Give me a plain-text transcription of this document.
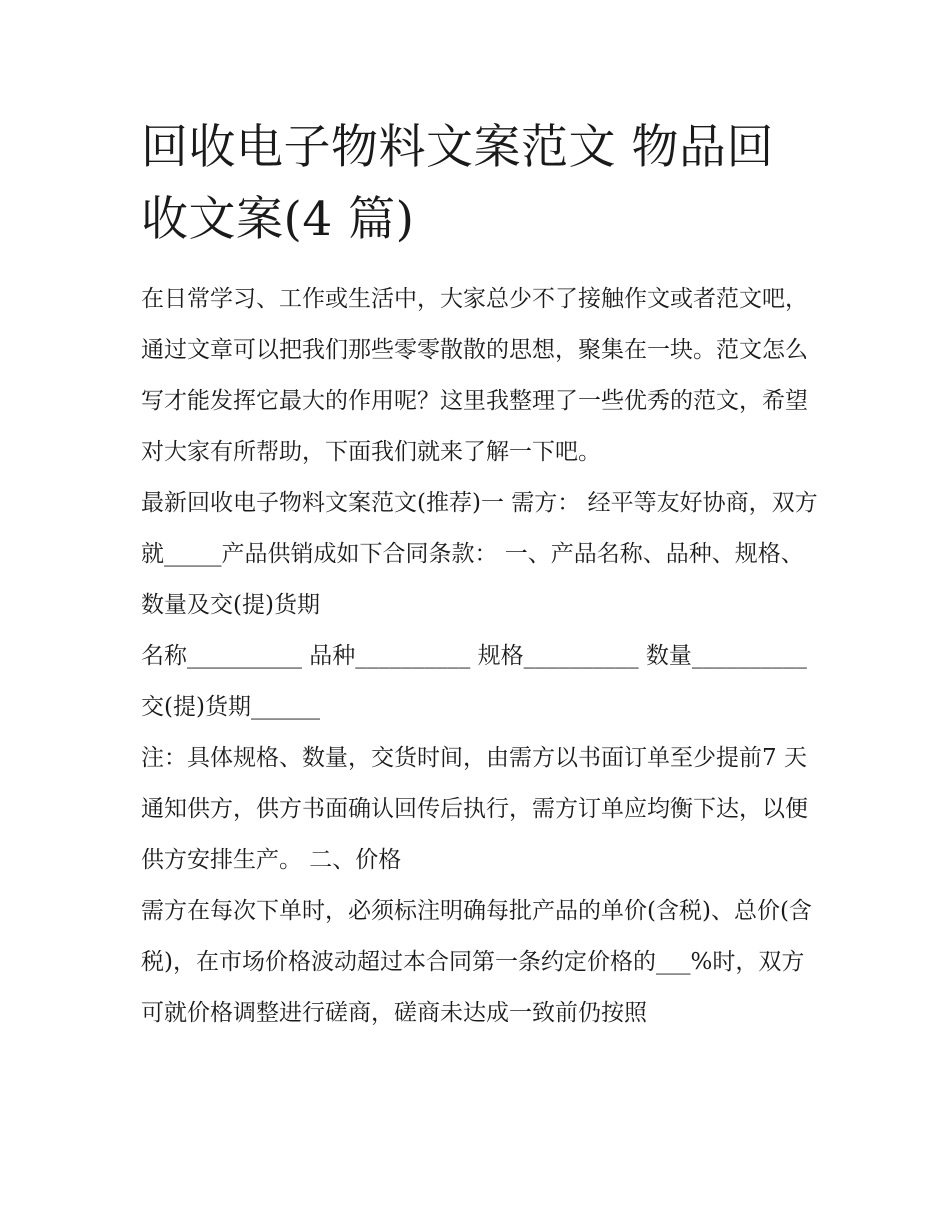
回收电子物料文案范文 物品回收文案(4 篇)

在日常学习、工作或生活中，大家总少不了接触作文或者范文吧，通过文章可以把我们那些零零散散的思想，聚集在一块。范文怎么写才能发挥它最大的作用呢？这里我整理了一些优秀的范文，希望对大家有所帮助，下面我们就来了解一下吧。

最新回收电子物料文案范文(推荐)一 需方： 经平等友好协商，双方就_____产品供销成如下合同条款： 一、产品名称、品种、规格、数量及交(提)货期

名称__________ 品种__________ 规格__________ 数量__________

交(提)货期______

注：具体规格、数量，交货时间，由需方以书面订单至少提前7 天通知供方，供方书面确认回传后执行，需方订单应均衡下达，以便供方安排生产。 二、价格

需方在每次下单时，必须标注明确每批产品的单价(含税)、总价(含税)，在市场价格波动超过本合同第一条约定价格的___%时，双方可就价格调整进行磋商，磋商未达成一致前仍按照
